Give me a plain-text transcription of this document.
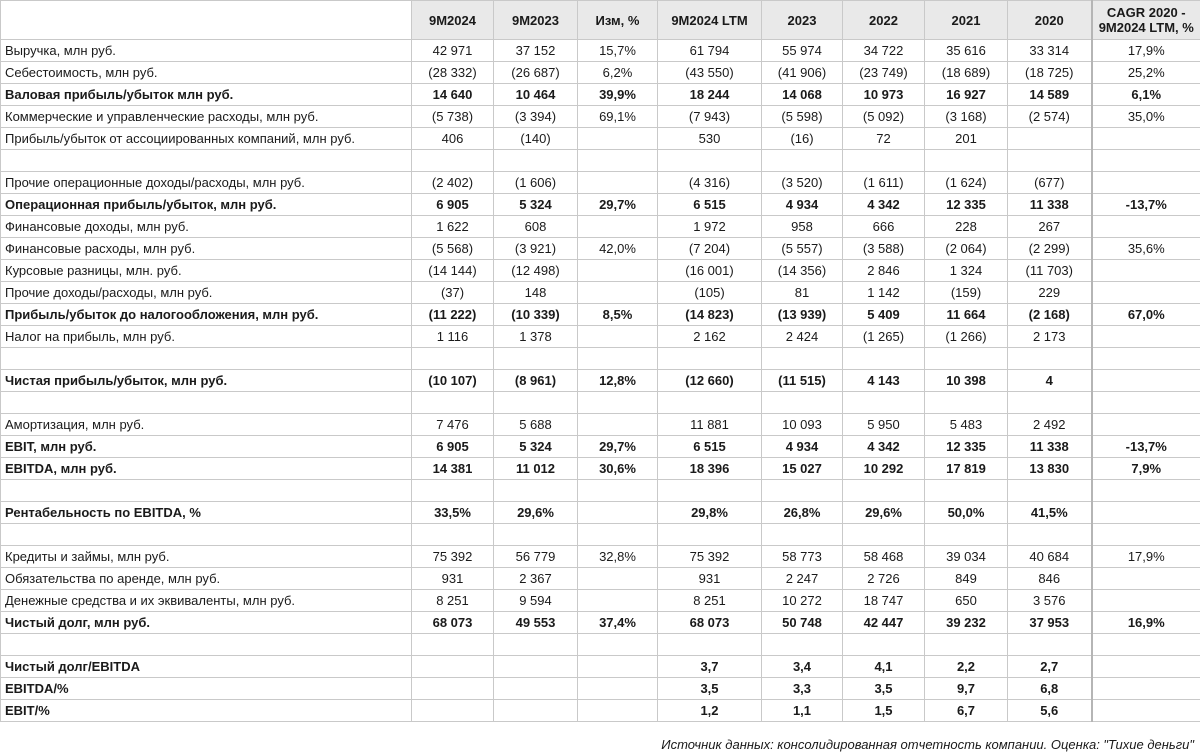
	9M2024	9M2023	Изм, %	9M2024 LTM	2023	2022	2021	2020	CAGR 2020 - 9M2024 LTM, %
Выручка, млн руб.	42 971	37 152	15,7%	61 794	55 974	34 722	35 616	33 314	17,9%
Себестоимость, млн руб.	(28 332)	(26 687)	6,2%	(43 550)	(41 906)	(23 749)	(18 689)	(18 725)	25,2%
Валовая прибыль/убыток млн руб.	14 640	10 464	39,9%	18 244	14 068	10 973	16 927	14 589	6,1%
Коммерческие и управленческие расходы, млн руб.	(5 738)	(3 394)	69,1%	(7 943)	(5 598)	(5 092)	(3 168)	(2 574)	35,0%
Прибыль/убыток от ассоциированных компаний, млн руб.	406	(140)		530	(16)	72	201		

Прочие операционные доходы/расходы, млн руб.	(2 402)	(1 606)		(4 316)	(3 520)	(1 611)	(1 624)	(677)	
Операционная прибыль/убыток, млн руб.	6 905	5 324	29,7%	6 515	4 934	4 342	12 335	11 338	-13,7%
Финансовые доходы, млн руб.	1 622	608		1 972	958	666	228	267	
Финансовые расходы, млн руб.	(5 568)	(3 921)	42,0%	(7 204)	(5 557)	(3 588)	(2 064)	(2 299)	35,6%
Курсовые разницы, млн. руб.	(14 144)	(12 498)		(16 001)	(14 356)	2 846	1 324	(11 703)	
Прочие доходы/расходы, млн руб.	(37)	148		(105)	81	1 142	(159)	229	
Прибыль/убыток до налогообложения, млн руб.	(11 222)	(10 339)	8,5%	(14 823)	(13 939)	5 409	11 664	(2 168)	67,0%
Налог на прибыль, млн руб.	1 116	1 378		2 162	2 424	(1 265)	(1 266)	2 173	

Чистая прибыль/убыток, млн руб.	(10 107)	(8 961)	12,8%	(12 660)	(11 515)	4 143	10 398	4	

Амортизация, млн руб.	7 476	5 688		11 881	10 093	5 950	5 483	2 492	
EBIT, млн руб.	6 905	5 324	29,7%	6 515	4 934	4 342	12 335	11 338	-13,7%
EBITDA, млн руб.	14 381	11 012	30,6%	18 396	15 027	10 292	17 819	13 830	7,9%

Рентабельность по EBITDA, %	33,5%	29,6%		29,8%	26,8%	29,6%	50,0%	41,5%	

Кредиты и займы, млн руб.	75 392	56 779	32,8%	75 392	58 773	58 468	39 034	40 684	17,9%
Обязательства по аренде, млн руб.	931	2 367		931	2 247	2 726	849	846	
Денежные средства и их эквиваленты, млн руб.	8 251	9 594		8 251	10 272	18 747	650	3 576	
Чистый долг, млн руб.	68 073	49 553	37,4%	68 073	50 748	42 447	39 232	37 953	16,9%

Чистый долг/EBITDA				3,7	3,4	4,1	2,2	2,7	
EBITDA/%				3,5	3,3	3,5	9,7	6,8	
EBIT/%				1,2	1,1	1,5	6,7	5,6	
Источник данных: консолидированная отчетность компании. Оценка: "Тихие деньги"
